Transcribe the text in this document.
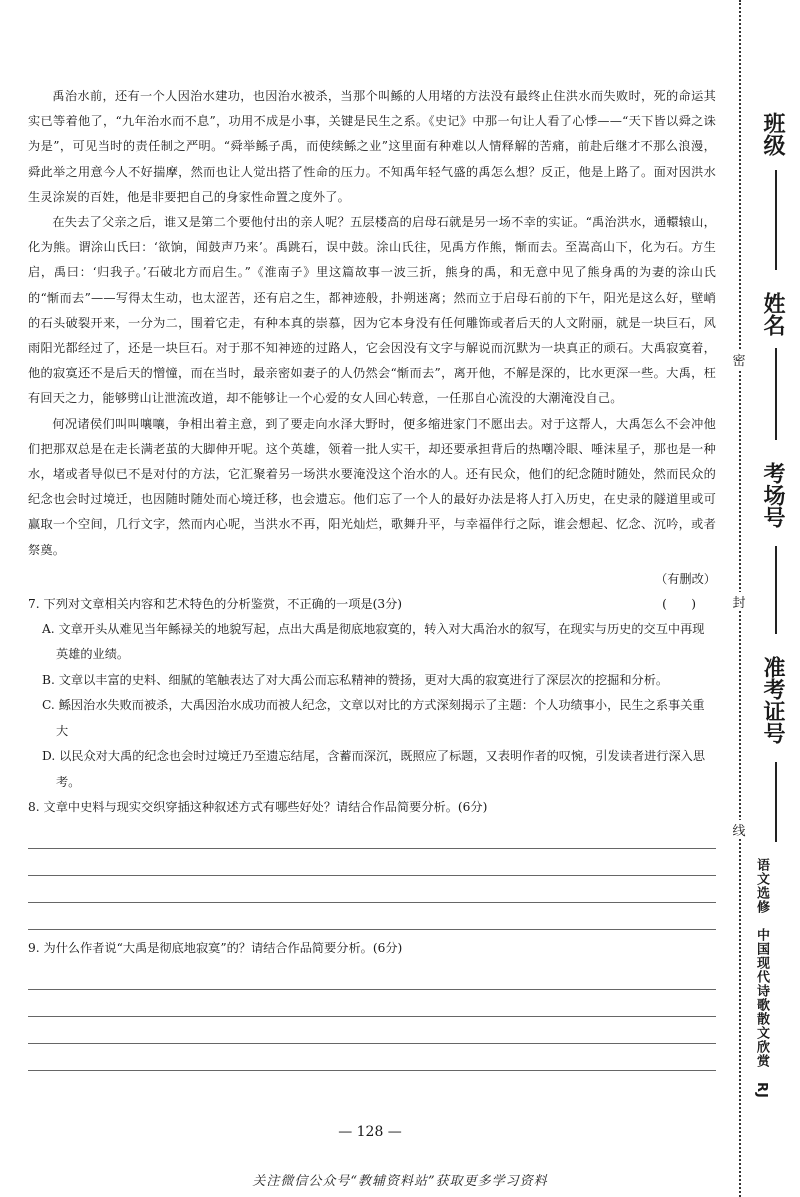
禹治水前，还有一个人因治水建功，也因治水被杀，当那个叫鲧的人用堵的方法没有最终止住洪水而失败时，死的命运其实已等着他了，“九年治水而不息”，功用不成是小事，关键是民生之系。《史记》中那一句让人看了心悸——“天下皆以舜之诛为是”，可见当时的责任制之严明。“舜举鲧子禹，而使续鲧之业”这里面有种难以人情释解的苦痛，前赴后继才不那么浪漫，舜此举之用意今人不好揣摩，然而也让人觉出搭了性命的压力。不知禹年轻气盛的禹怎么想？反正，他是上路了。面对因洪水生灵涂炭的百姓，他是非要把自己的身家性命置之度外了。

在失去了父亲之后，谁又是第二个要他付出的亲人呢？五层楼高的启母石就是另一场不幸的实证。“禹治洪水，通轘辕山，化为熊。谓涂山氏曰：‘欲饷，闻鼓声乃来’。禹跳石，误中鼓。涂山氏往，见禹方作熊，惭而去。至嵩高山下，化为石。方生启，禹曰：‘归我子。’石破北方而启生。”《淮南子》里这篇故事一波三折，熊身的禹，和无意中见了熊身禹的为妻的涂山氏的“惭而去”——写得太生动，也太涩苦，还有启之生，都神迹般，扑朔迷离；然而立于启母石前的下午，阳光是这么好，壁峭的石头破裂开来，一分为二，围着它走，有种本真的崇慕，因为它本身没有任何雕饰或者后天的人文附丽，就是一块巨石，风雨阳光都经过了，还是一块巨石。对于那不知神迹的过路人，它会因没有文字与解说而沉默为一块真正的顽石。大禹寂寞着，他的寂寞还不是后天的憎憧，而在当时，最亲密如妻子的人仍然会“惭而去”，离开他，不解是深的，比水更深一些。大禹，枉有回天之力，能够劈山让泄流改道，却不能够让一个心爱的女人回心转意，一任那自心流没的大潮淹没自己。

何况诸侯们叫叫嚷嚷，争相出着主意，到了要走向水泽大野时，便多缩进家门不愿出去。对于这帮人，大禹怎么不会冲他们把那双总是在走长满老茧的大脚伸开呢。这个英雄，领着一批人实干，却还要承担背后的热嘲冷眼、唾沫星子，那也是一种水，堵或者导似已不是对付的方法，它汇聚着另一场洪水要淹没这个治水的人。还有民众，他们的纪念随时随处，然而民众的纪念也会时过境迁，也因随时随处而心境迁移，也会遗忘。他们忘了一个人的最好办法是将人打入历史，在史录的隧道里或可赢取一个空间，几行文字，然而内心呢，当洪水不再，阳光灿烂，歌舞升平，与幸福伴行之际，谁会想起、忆念、沉吟，或者祭奠。

（有删改）

7. 下列对文章相关内容和艺术特色的分析鉴赏，不正确的一项是(3分)	(　　)

A. 文章开头从难见当年鲧禄关的地貌写起，点出大禹是彻底地寂寞的，转入对大禹治水的叙写，在现实与历史的交互中再现英雄的业绩。

B. 文章以丰富的史料、细腻的笔触表达了对大禹公而忘私精神的赞扬，更对大禹的寂寞进行了深层次的挖掘和分析。

C. 鲧因治水失败而被杀，大禹因治水成功而被人纪念，文章以对比的方式深刻揭示了主题：个人功绩事小，民生之系事关重大

D. 以民众对大禹的纪念也会时过境迁乃至遗忘结尾，含蓄而深沉，既照应了标题，又表明作者的叹惋，引发读者进行深入思考。

8. 文章中史料与现实交织穿插这种叙述方式有哪些好处？请结合作品简要分析。(6分)

9. 为什么作者说“大禹是彻底地寂寞”的？请结合作品简要分析。(6分)

— 128 —
关注微信公众号“教辅资料站”获取更多学习资料
班级
姓名
考场号
准考证号
密
封
线
语文选修　中国现代诗歌散文欣赏　RJ
